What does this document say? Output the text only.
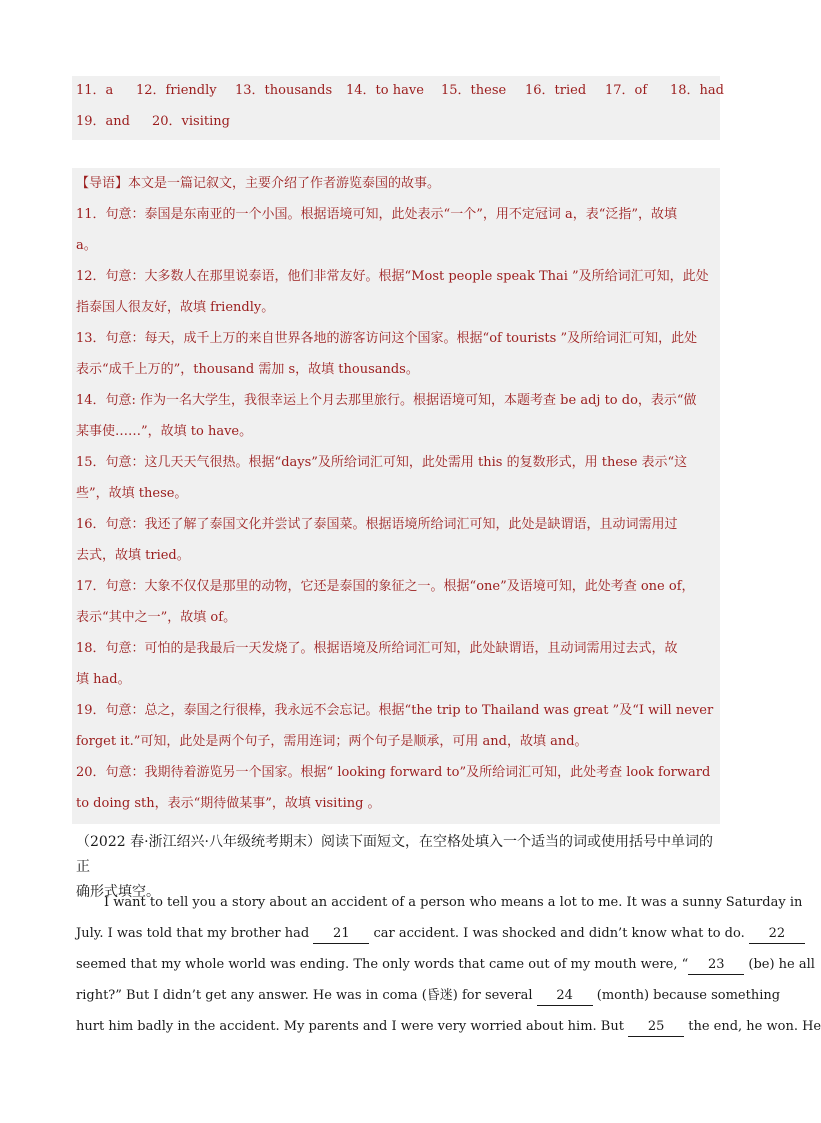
11．a 12．friendly 13．thousands 14．to have 15．these 16．tried 17．of 18．had
19．and 20．visiting
【导语】本文是一篇记叙文，主要介绍了作者游览泰国的故事。
11．句意：泰国是东南亚的一个小国。根据语境可知，此处表示“一个”，用不定冠词 a，表“泛指”，故填
a。
12．句意：大多数人在那里说泰语，他们非常友好。根据“Most people speak Thai ”及所给词汇可知，此处
指泰国人很友好，故填 friendly。
13．句意：每天，成千上万的来自世界各地的游客访问这个国家。根据“of tourists ”及所给词汇可知，此处
表示“成千上万的”，thousand 需加 s，故填 thousands。
14．句意: 作为一名大学生，我很幸运上个月去那里旅行。根据语境可知，本题考查 be adj to do，表示“做
某事使……”，故填 to have。
15．句意：这几天天气很热。根据“days”及所给词汇可知，此处需用 this 的复数形式，用 these 表示“这
些”，故填 these。
16．句意：我还了解了泰国文化并尝试了泰国菜。根据语境所给词汇可知，此处是缺谓语，且动词需用过
去式，故填 tried。
17．句意：大象不仅仅是那里的动物，它还是泰国的象征之一。根据“one”及语境可知，此处考查 one of，
表示“其中之一”，故填 of。
18．句意：可怕的是我最后一天发烧了。根据语境及所给词汇可知，此处缺谓语，且动词需用过去式，故
填 had。
19．句意：总之，泰国之行很棒，我永远不会忘记。根据“the trip to Thailand was great ”及“I will never
forget it.”可知，此处是两个句子，需用连词；两个句子是顺承，可用 and，故填 and。
20．句意：我期待着游览另一个国家。根据“ looking forward to”及所给词汇可知，此处考查 look forward
to doing sth，表示“期待做某事”，故填 visiting 。
（2022 春·浙江绍兴·八年级统考期末）阅读下面短文，在空格处填入一个适当的词或使用括号中单词的正
确形式填空。
I want to tell you a story about an accident of a person who means a lot to me. It was a sunny Saturday in
July. I was told that my brother had 21 car accident. I was shocked and didn’t know what to do. 22
seemed that my whole world was ending. The only words that came out of my mouth were, “ 23 (be) he all
right?” But I didn’t get any answer. He was in coma (昏迷) for several 24 (month) because something
hurt him badly in the accident. My parents and I were very worried about him. But 25 the end, he won. He
